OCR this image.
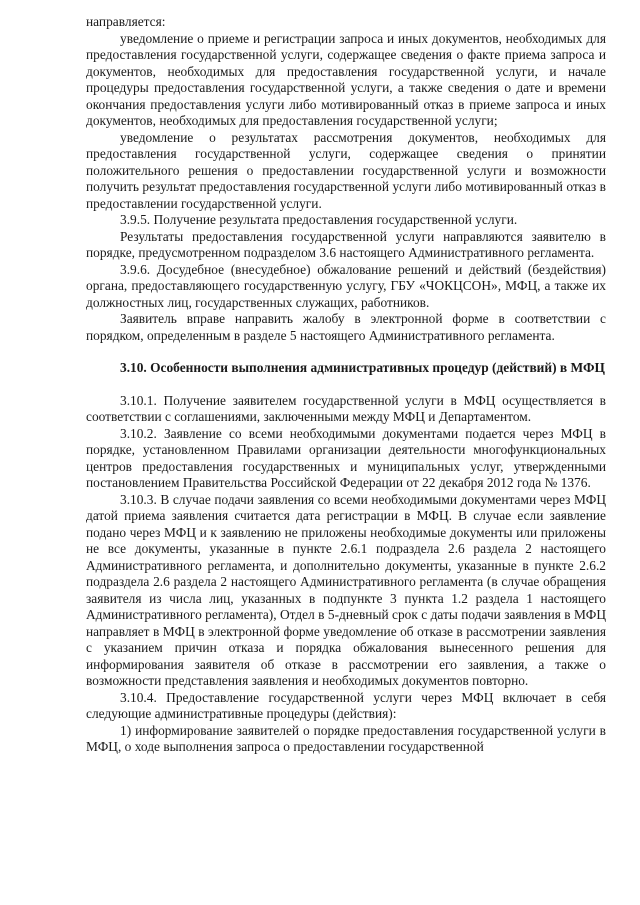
направляется:

уведомление о приеме и регистрации запроса и иных документов, необходимых для предоставления государственной услуги, содержащее сведения о факте приема запроса и документов, необходимых для предоставления государственной услуги, и начале процедуры предоставления государственной услуги, а также сведения о дате и времени окончания предоставления услуги либо мотивированный отказ в приеме запроса и иных документов, необходимых для предоставления государственной услуги;

уведомление о результатах рассмотрения документов, необходимых для предоставления государственной услуги, содержащее сведения о принятии положительного решения о предоставлении государственной услуги и возможности получить результат предоставления государственной услуги либо мотивированный отказ в предоставлении государственной услуги.

3.9.5. Получение результата предоставления государственной услуги.

Результаты предоставления государственной услуги направляются заявителю в порядке, предусмотренном подразделом 3.6 настоящего Административного регламента.

3.9.6. Досудебное (внесудебное) обжалование решений и действий (бездействия) органа, предоставляющего государственную услугу, ГБУ «ЧОКЦСОН», МФЦ, а также их должностных лиц, государственных служащих, работников.

Заявитель вправе направить жалобу в электронной форме в соответствии с порядком, определенным в разделе 5 настоящего Административного регламента.

3.10. Особенности выполнения административных процедур (действий) в МФЦ

3.10.1. Получение заявителем государственной услуги в МФЦ осуществляется в соответствии с соглашениями, заключенными между МФЦ и Департаментом.

3.10.2. Заявление со всеми необходимыми документами подается через МФЦ в порядке, установленном Правилами организации деятельности многофункциональных центров предоставления государственных и муниципальных услуг, утвержденными постановлением Правительства Российской Федерации от 22 декабря 2012 года № 1376.

3.10.3. В случае подачи заявления со всеми необходимыми документами через МФЦ датой приема заявления считается дата регистрации в МФЦ. В случае если заявление подано через МФЦ и к заявлению не приложены необходимые документы или приложены не все документы, указанные в пункте 2.6.1 подраздела 2.6 раздела 2 настоящего Административного регламента, и дополнительно документы, указанные в пункте 2.6.2 подраздела 2.6 раздела 2 настоящего Административного регламента (в случае обращения заявителя из числа лиц, указанных в подпункте 3 пункта 1.2 раздела 1 настоящего Административного регламента), Отдел в 5-дневный срок с даты подачи заявления в МФЦ направляет в МФЦ в электронной форме уведомление об отказе в рассмотрении заявления с указанием причин отказа и порядка обжалования вынесенного решения для информирования заявителя об отказе в рассмотрении его заявления, а также о возможности представления заявления и необходимых документов повторно.

3.10.4. Предоставление государственной услуги через МФЦ включает в себя следующие административные процедуры (действия):

1) информирование заявителей о порядке предоставления государственной услуги в МФЦ, о ходе выполнения запроса о предоставлении государственной
